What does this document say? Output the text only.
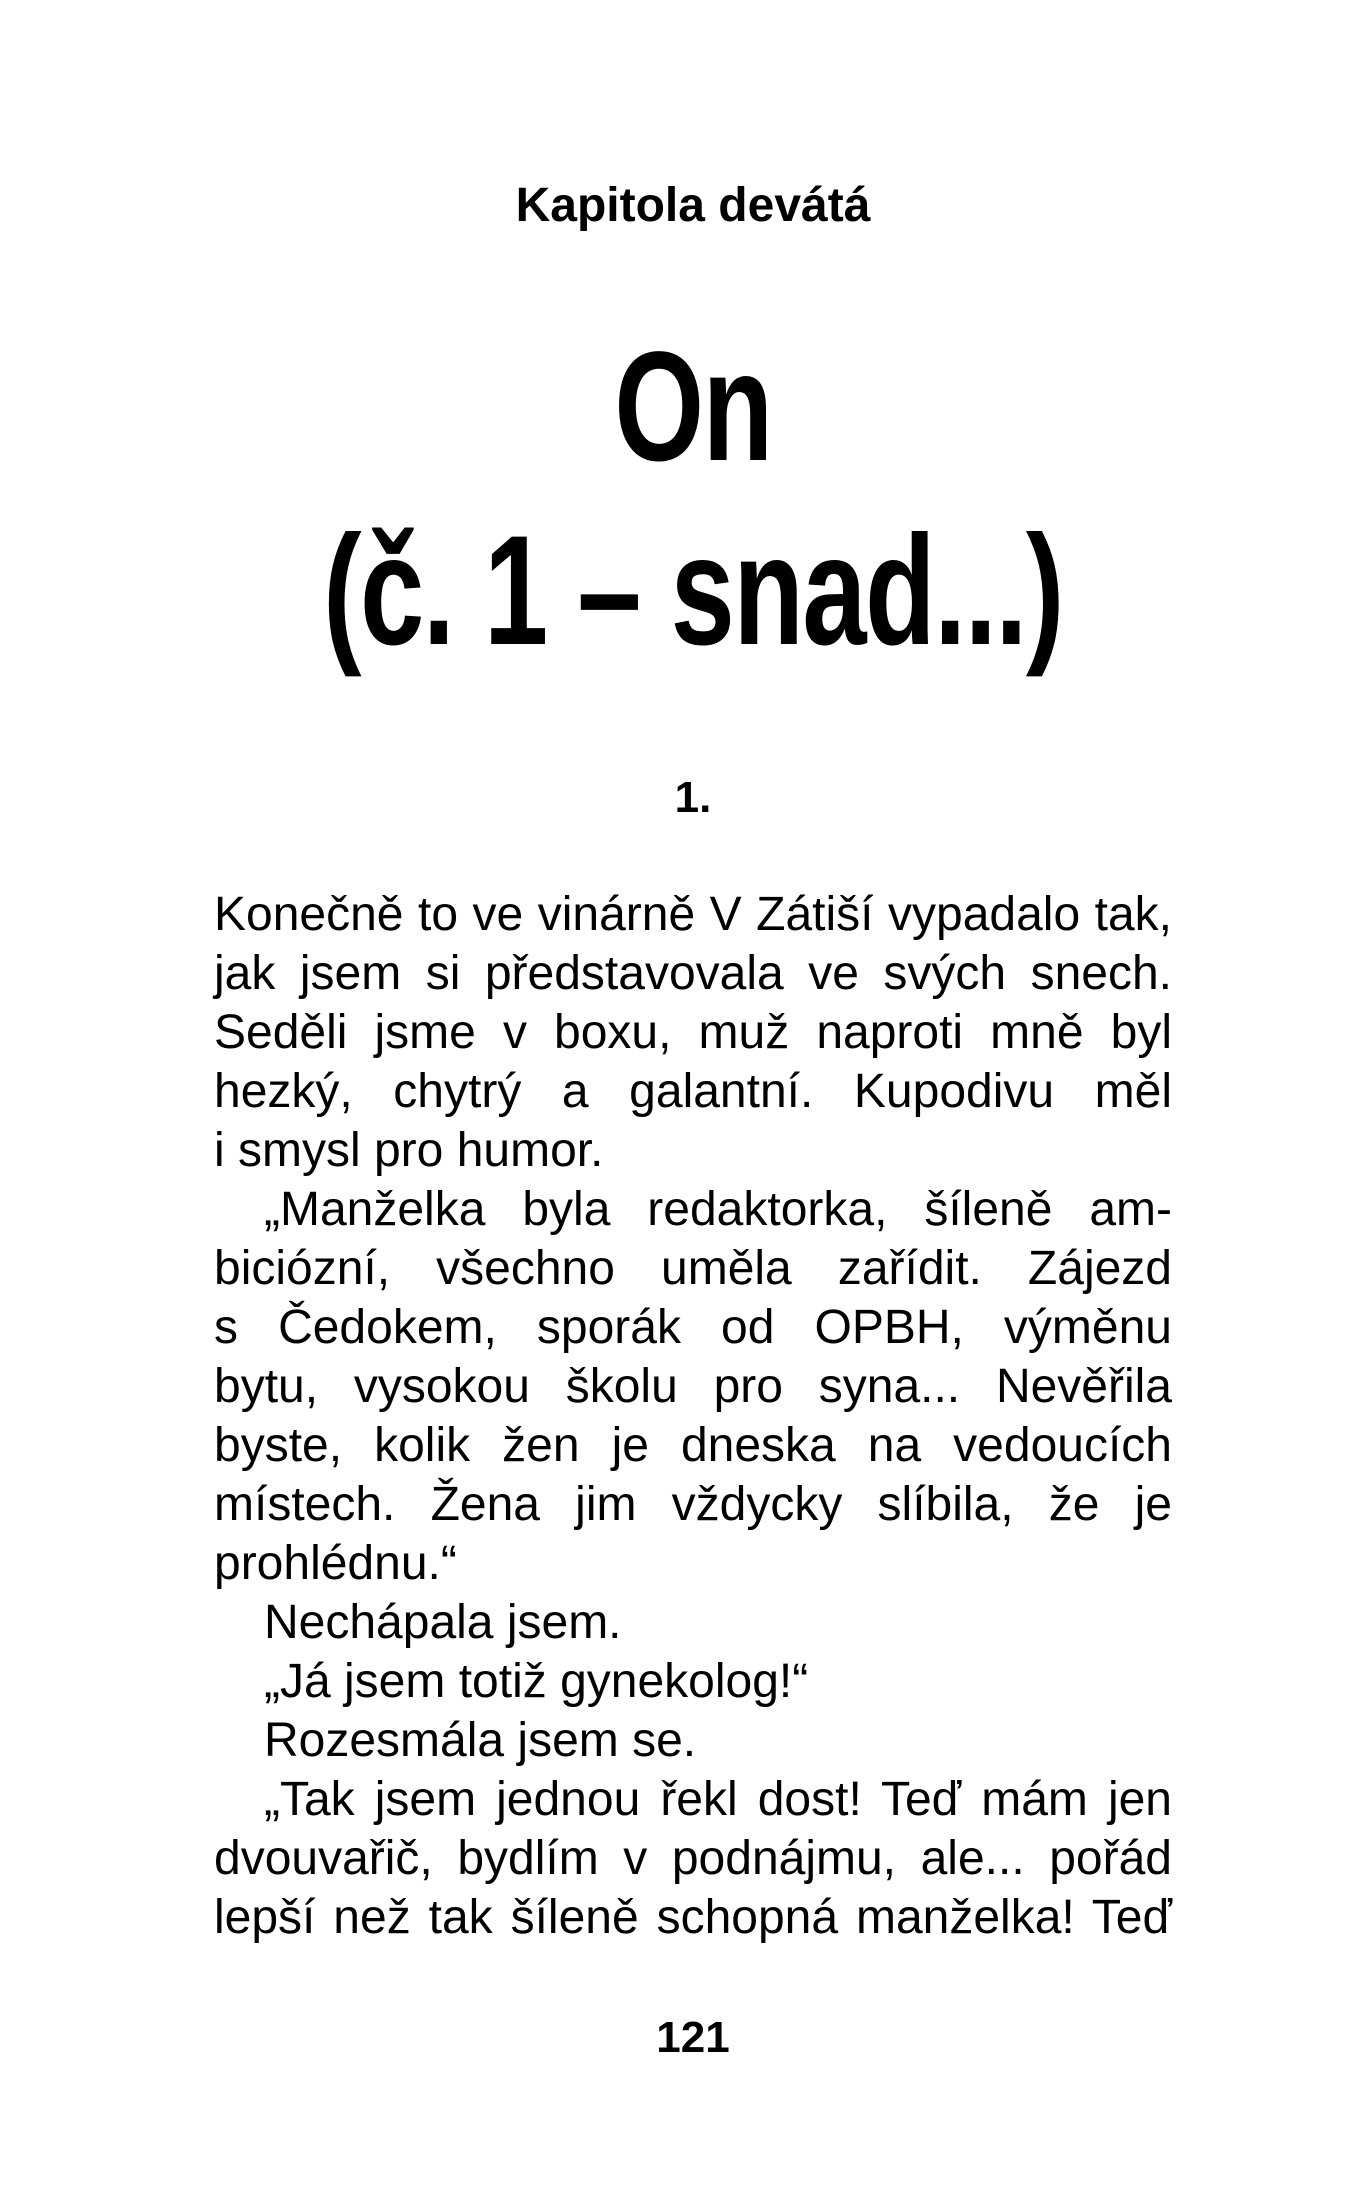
Kapitola devátá
On
(č. 1 – snad...)
1.
Konečně to ve vinárně V Zátiší vypadalo tak,
jak jsem si představovala ve svých snech.
Seděli jsme v boxu, muž naproti mně byl
hezký, chytrý a galantní. Kupodivu měl
i smysl pro humor.
„Manželka byla redaktorka, šíleně am-
biciózní, všechno uměla zařídit. Zájezd
s Čedokem, sporák od OPBH, výměnu
bytu, vysokou školu pro syna... Nevěřila
byste, kolik žen je dneska na vedoucích
místech. Žena jim vždycky slíbila, že je
prohlédnu.“
Nechápala jsem.
„Já jsem totiž gynekolog!“
Rozesmála jsem se.
„Tak jsem jednou řekl dost! Teď mám jen
dvouvařič, bydlím v podnájmu, ale... pořád
lepší než tak šíleně schopná manželka! Teď
121
